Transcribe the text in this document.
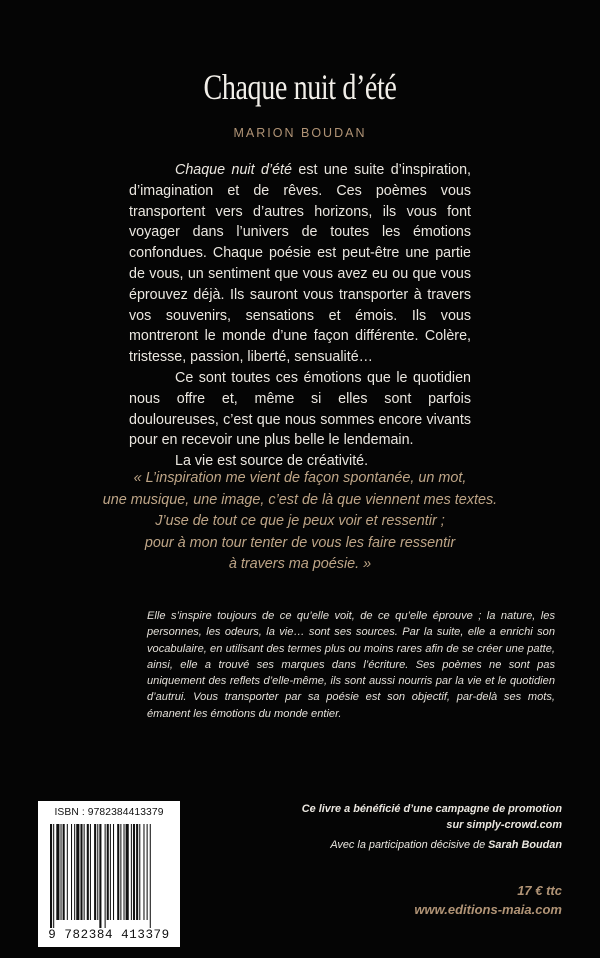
Chaque nuit d’été
MARION BOUDAN

Chaque nuit d’été est une suite d’inspiration, d’imagination et de rêves. Ces poèmes vous transportent vers d’autres horizons, ils vous font voyager dans l’univers de toutes les émotions confondues. Chaque poésie est peut-être une partie de vous, un sentiment que vous avez eu ou que vous éprouvez déjà. Ils sauront vous transporter à travers vos souvenirs, sensations et émois. Ils vous montreront le monde d’une façon différente. Colère, tristesse, passion, liberté, sensualité…

Ce sont toutes ces émotions que le quotidien nous offre et, même si elles sont parfois douloureuses, c’est que nous sommes encore vivants pour en recevoir une plus belle le lendemain.

La vie est source de créativité.

« L’inspiration me vient de façon spontanée, un mot,
une musique, une image, c’est de là que viennent mes textes.
J’use de tout ce que je peux voir et ressentir ;
pour à mon tour tenter de vous les faire ressentir
à travers ma poésie. »
Elle s’inspire toujours de ce qu’elle voit, de ce qu’elle éprouve ; la nature, les personnes, les odeurs, la vie… sont ses sources. Par la suite, elle a enrichi son vocabulaire, en utilisant des termes plus ou moins rares afin de se créer une patte, ainsi, elle a trouvé ses marques dans l’écriture. Ses poèmes ne sont pas uniquement des reflets d’elle-même, ils sont aussi nourris par la vie et le quotidien d’autrui. Vous transporter par sa poésie est son objectif, par-delà ses mots, émanent les émotions du monde entier.
ISBN : 9782384413379
9 782384 413379
Ce livre a bénéficié d’une campagne de promotion
sur simply-crowd.com
Avec la participation décisive de Sarah Boudan
17 € ttc
www.editions-maia.com
